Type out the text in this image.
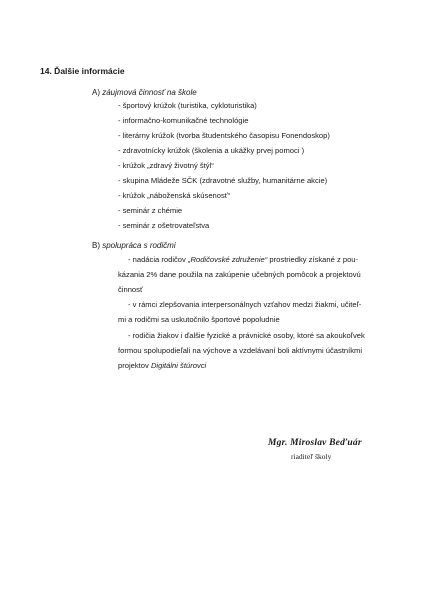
14. Ďalšie informácie
A) záujmová činnosť na škole
- športový krúžok (turistika, cykloturistika)
- informačno-komunikačné technológie
- literárny krúžok (tvorba študentského časopisu Fonendoskop)
- zdravotnícky krúžok (školenia a ukážky prvej pomoci )
- krúžok „zdravý životný štýl“
- skupina Mládeže SČK (zdravotné služby, humanitárne akcie)
- krúžok „náboženská skúsenosť“
- seminár z chémie
- seminár z ošetrovateľstva
B) spolupráca s rodičmi
- nadácia rodičov „Rodičovské združenie“ prostriedky získané z pou-
kázania 2% dane použila na zakúpenie učebných pomôcok a projektovú
činnosť
- v rámci zlepšovania interpersonálnych vzťahov medzi žiakmi, učiteľ-
mi a rodičmi sa uskutočnilo športové popoludnie
- rodičia žiakov i ďalšie fyzické a právnické osoby, ktoré sa akoukoľvek
formou spolupodieľali na výchove a vzdelávaní boli aktívnymi účastníkmi
projektov Digitálni štúrovci
Mgr. Miroslav Beďuár
riaditeľ školy
